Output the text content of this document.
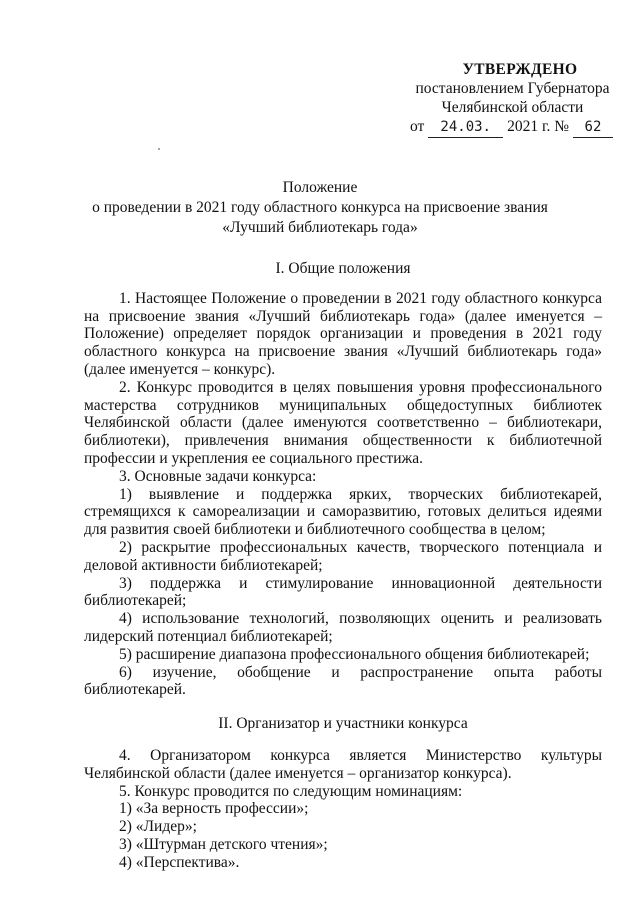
УТВЕРЖДЕНО
постановлением Губернатора
Челябинской области
от 24.03. 2021 г. № 62
Положение
о проведении в 2021 году областного конкурса на присвоение звания
«Лучший библиотекарь года»
I. Общие положения

1. Настоящее Положение о проведении в 2021 году областного конкурса на присвоение звания «Лучший библиотекарь года» (далее именуется – Положение) определяет порядок организации и проведения в 2021 году областного конкурса на присвоение звания «Лучший библиотекарь года» (далее именуется – конкурс).

2. Конкурс проводится в целях повышения уровня профессионального мастерства сотрудников муниципальных общедоступных библиотек Челябинской области (далее именуются соответственно – библиотекари, библиотеки), привлечения внимания общественности к библиотечной профессии и укрепления ее социального престижа.

3. Основные задачи конкурса:

1) выявление и поддержка ярких, творческих библиотекарей, стремящихся к самореализации и саморазвитию, готовых делиться идеями для развития своей библиотеки и библиотечного сообщества в целом;

2) раскрытие профессиональных качеств, творческого потенциала и деловой активности библиотекарей;

3) поддержка и стимулирование инновационной деятельности библиотекарей;

4) использование технологий, позволяющих оценить и реализовать лидерский потенциал библиотекарей;

5) расширение диапазона профессионального общения библиотекарей;

6) изучение, обобщение и распространение опыта работы библиотекарей.

II. Организатор и участники конкурса

4. Организатором конкурса является Министерство культуры Челябинской области (далее именуется – организатор конкурса).

5. Конкурс проводится по следующим номинациям:

1) «За верность профессии»;

2) «Лидер»;

3) «Штурман детского чтения»;

4) «Перспектива».
